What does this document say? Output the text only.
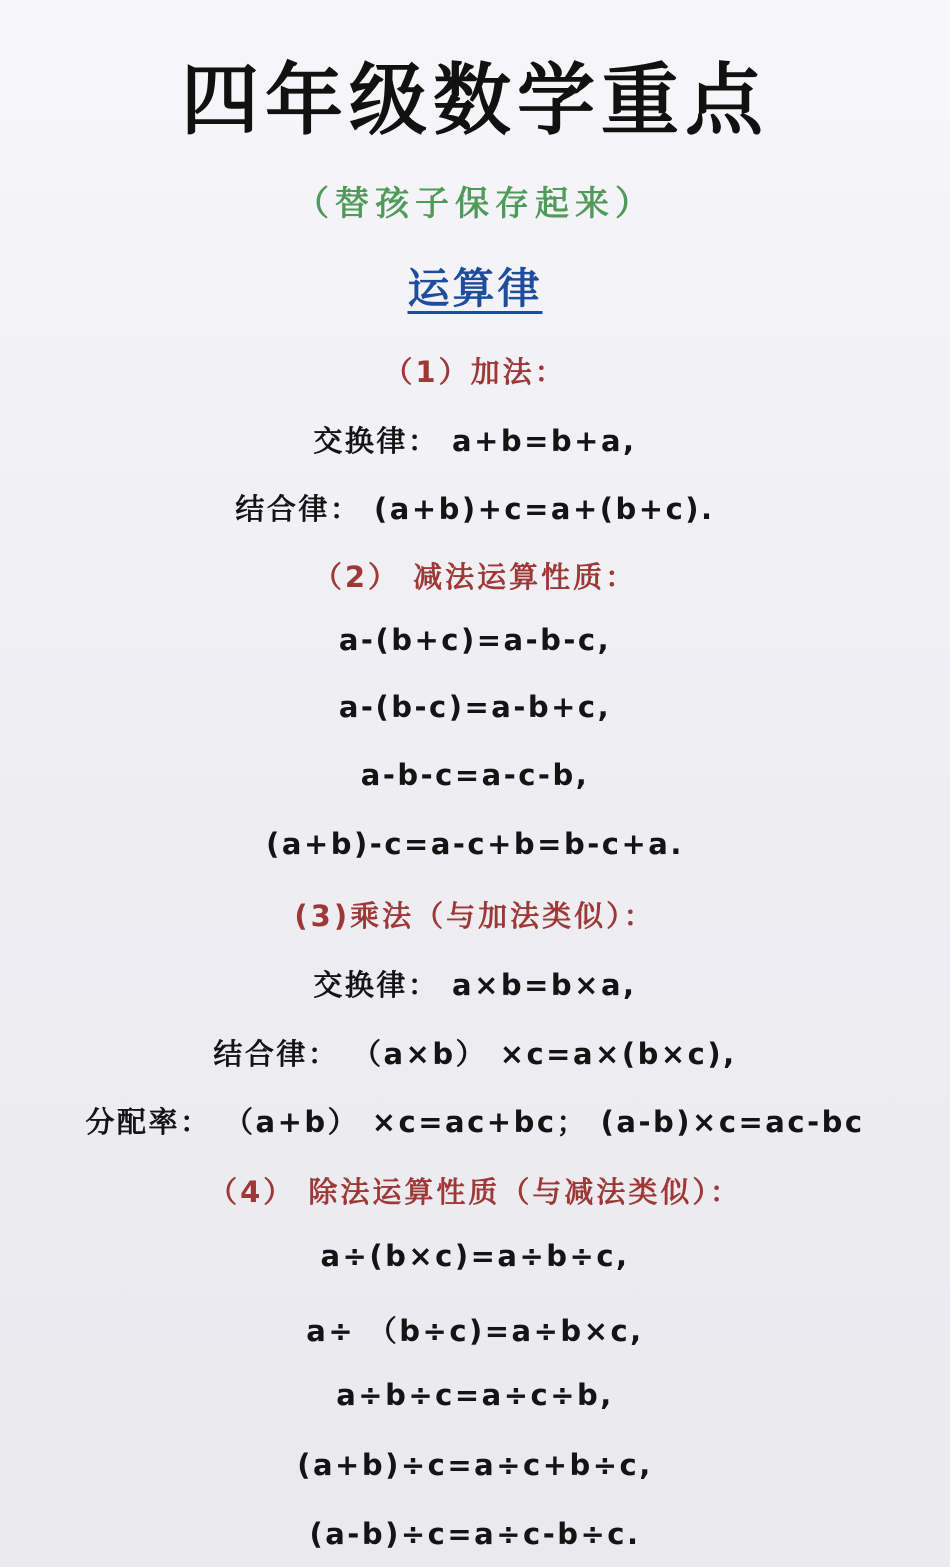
四年级数学重点
（替孩子保存起来）
运算律
（1）加法：
交换律： a+b=b+a,
结合律： (a+b)+c=a+(b+c).
（2） 减法运算性质：
a-(b+c)=a-b-c,
a-(b-c)=a-b+c,
a-b-c=a-c-b,
(a+b)-c=a-c+b=b-c+a.
(3)乘法（与加法类似）：
交换律： a×b=b×a,
结合律： （a×b） ×c=a×(b×c),
分配率： （a+b） ×c=ac+bc； (a-b)×c=ac-bc
（4） 除法运算性质（与减法类似）：
a÷(b×c)=a÷b÷c,
a÷ （b÷c)=a÷b×c,
a÷b÷c=a÷c÷b,
(a+b)÷c=a÷c+b÷c,
(a-b)÷c=a÷c-b÷c.
